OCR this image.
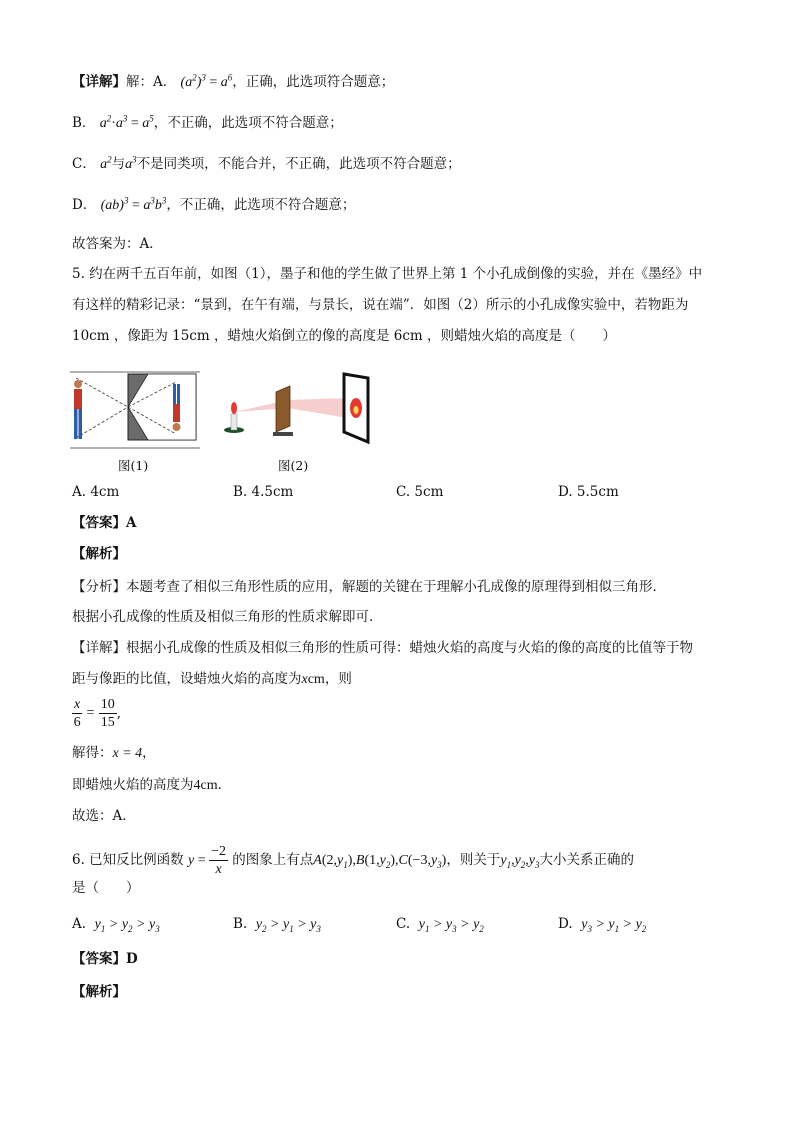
【详解】解：A． $(a^2)^3 = a^6$，正确，此选项符合题意；
B． $a^2\cdot a^3 = a^5$，不正确，此选项不符合题意；
C． $a^2$与$a^3$不是同类项，不能合并，不正确，此选项不符合题意；
D． $(ab)^3 = a^3b^3$，不正确，此选项不符合题意；
故答案为：A．
5. 约在两千五百年前，如图（1），墨子和他的学生做了世界上第 1 个小孔成倒像的实验，并在《墨经》中
有这样的精彩记录：“景到，在午有端，与景长，说在端”．如图（2）所示的小孔成像实验中，若物距为
10cm ，像距为 15cm ，蜡烛火焰倒立的像的高度是 6cm ，则蜡烛火焰的高度是（　　）
图(1)	图(2)
A. 4cm	B. 4.5cm	C. 5cm	D. 5.5cm
【答案】A
【解析】
【分析】本题考查了相似三角形性质的应用，解题的关键在于理解小孔成像的原理得到相似三角形．
根据小孔成像的性质及相似三角形的性质求解即可．
【详解】根据小孔成像的性质及相似三角形的性质可得：蜡烛火焰的高度与火焰的像的高度的比值等于物
距与像距的比值，设蜡烛火焰的高度为xcm，则
$\frac{x}{6} = \frac{10}{15}$ ,
解得：x = 4，
即蜡烛火焰的高度为4cm．
故选：A．
6. 已知反比例函数 $y = \frac{-2}{x}$ 的图象上有点$A(2,y_1),B(1,y_2),C(-3,y_3)$，则关于$y_1,y_2,y_3$大小关系正确的
是（　　）
A. $y_1 > y_2 > y_3$	B. $y_2 > y_1 > y_3$	C. $y_1 > y_3 > y_2$	D. $y_3 > y_1 > y_2$
【答案】D
【解析】
